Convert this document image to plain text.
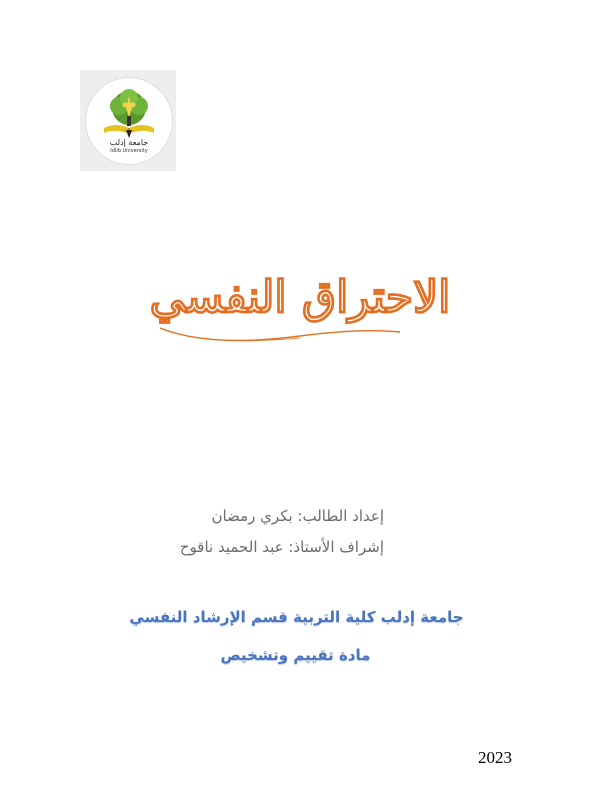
جامعة إدلب
Idlib University
الاحتراق النفسي
إعداد الطالب: بكري رمضان
إشراف الأستاذ: عبد الحميد ناقوح
جامعة إدلب كلية التربية قسم الإرشاد النفسي
مادة تقييم وتشخيص
2023
